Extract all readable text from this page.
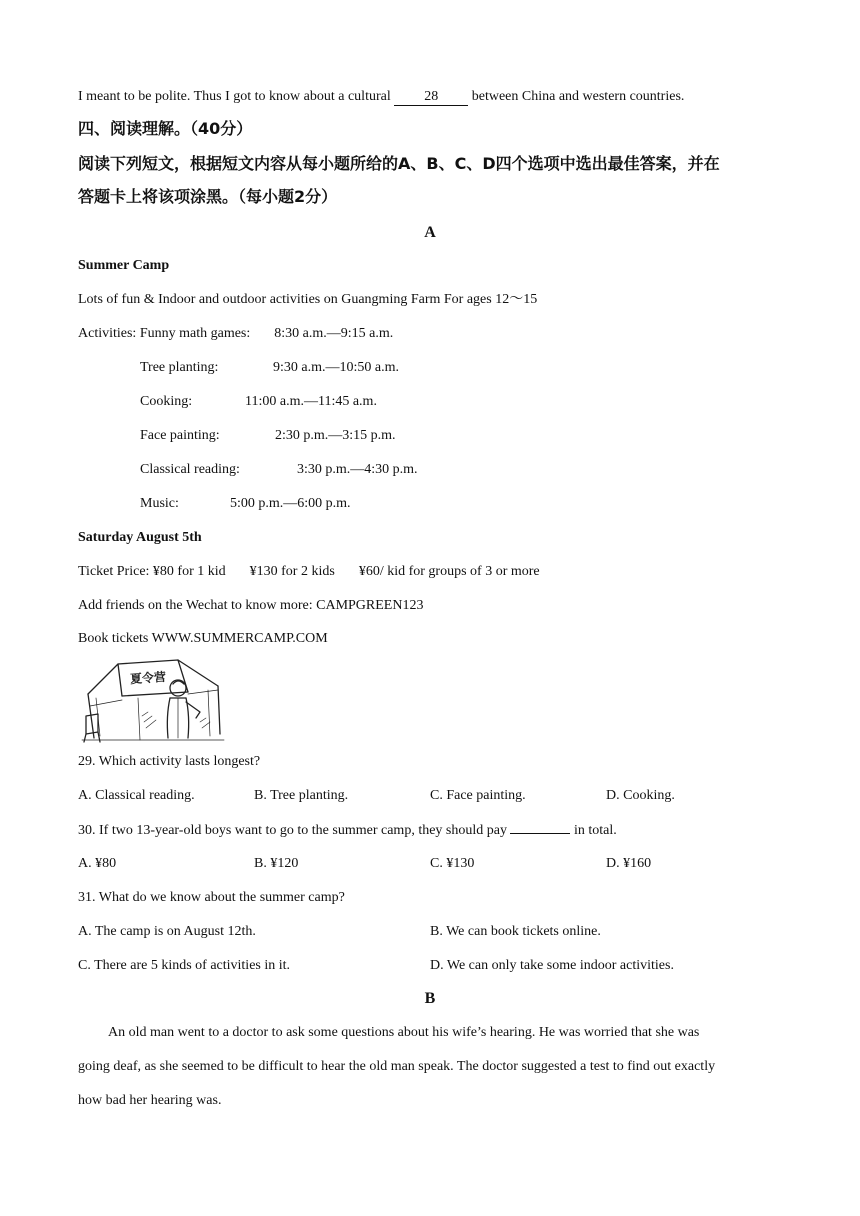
I meant to be polite. Thus I got to know about a cultural 28 between China and western countries.
四、阅读理解。（40分）
阅读下列短文，根据短文内容从每小题所给的A、B、C、D四个选项中选出最佳答案，并在
答题卡上将该项涂黑。（每小题2分）
A
Summer Camp
Lots of fun & Indoor and outdoor activities on Guangming Farm For ages 12～15
Activities: Funny math games: 8:30 a.m.—9:15 a.m.
Tree planting:	9:30 a.m.—10:50 a.m.
Cooking:	11:00 a.m.—11:45 a.m.
Face painting:	2:30 p.m.—3:15 p.m.
Classical reading:	3:30 p.m.—4:30 p.m.
Music:	5:00 p.m.—6:00 p.m.
Saturday August 5th
Ticket Price: ¥80 for 1 kid ¥130 for 2 kids ¥60/ kid for groups of 3 or more
Add friends on the Wechat to know more: CAMPGREEN123
Book tickets WWW.SUMMERCAMP.COM
夏令营
29. Which activity lasts longest?
A. Classical reading.	B. Tree planting.	C. Face painting.	D. Cooking.
30. If two 13-year-old boys want to go to the summer camp, they should pay	in total.
A. ¥80	B. ¥120	C. ¥130	D. ¥160
31. What do we know about the summer camp?
A. The camp is on August 12th.	B. We can book tickets online.
C. There are 5 kinds of activities in it.	D. We can only take some indoor activities.
B
An old man went to a doctor to ask some questions about his wife’s hearing. He was worried that she was
going deaf, as she seemed to be difficult to hear the old man speak. The doctor suggested a test to find out exactly
how bad her hearing was.
